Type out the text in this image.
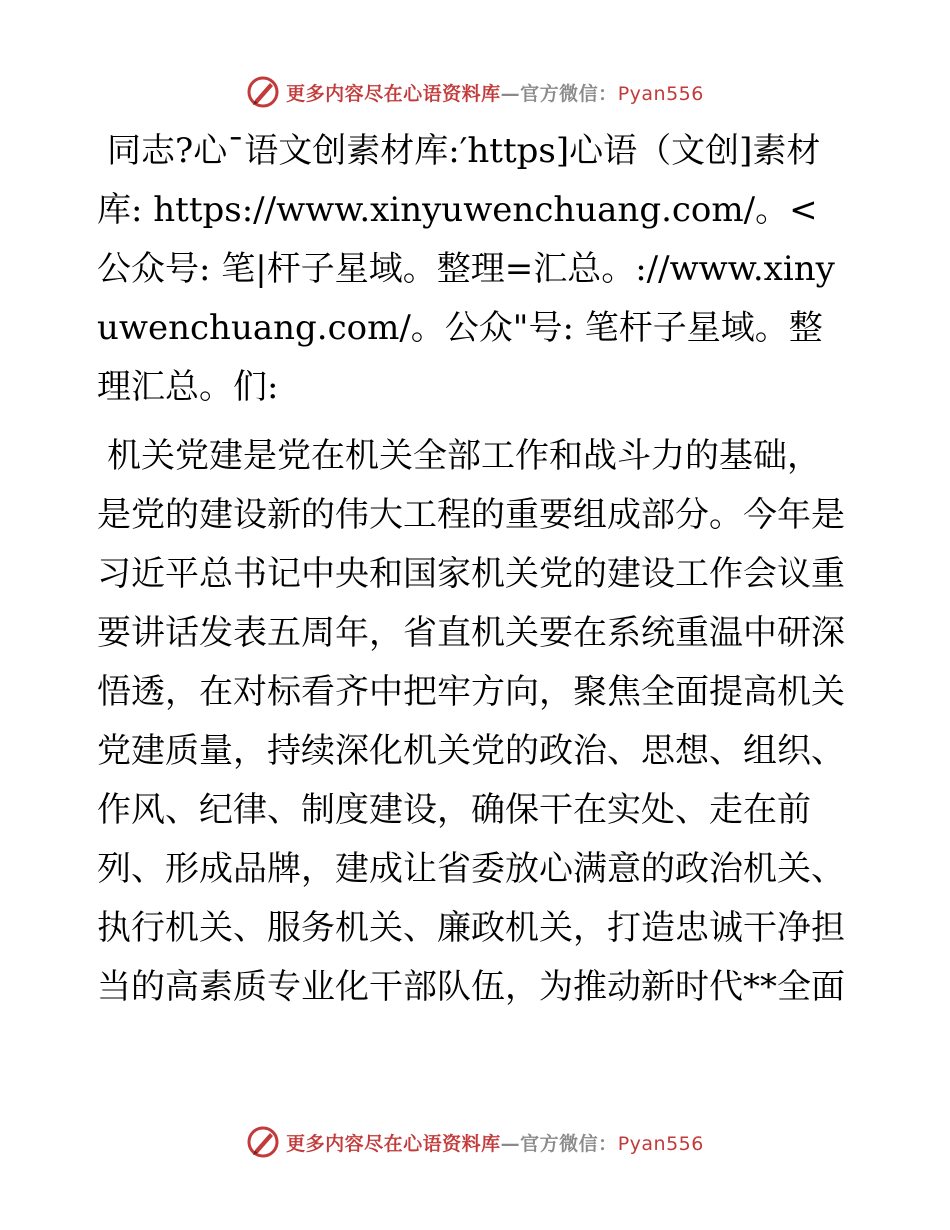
更多内容尽在心语资料库—官方微信：Pyan556

同志?心¯语文创素材库:′https]心语（文创]素材库: https://www.xinyuwenchuang.com/。<公众号: 笔|杆子星域。整理=汇总。://www.xinyuwenchuang.com/。公众"号: 笔杆子星域。整理汇总。们:

机关党建是党在机关全部工作和战斗力的基础，是党的建设新的伟大工程的重要组成部分。今年是习近平总书记中央和国家机关党的建设工作会议重要讲话发表五周年，省直机关要在系统重温中研深悟透，在对标看齐中把牢方向，聚焦全面提高机关党建质量，持续深化机关党的政治、思想、组织、作风、纪律、制度建设，确保干在实处、走在前列、形成品牌，建成让省委放心满意的政治机关、执行机关、服务机关、廉政机关，打造忠诚干净担当的高素质专业化干部队伍，为推动新时代**全面

更多内容尽在心语资料库—官方微信：Pyan556
